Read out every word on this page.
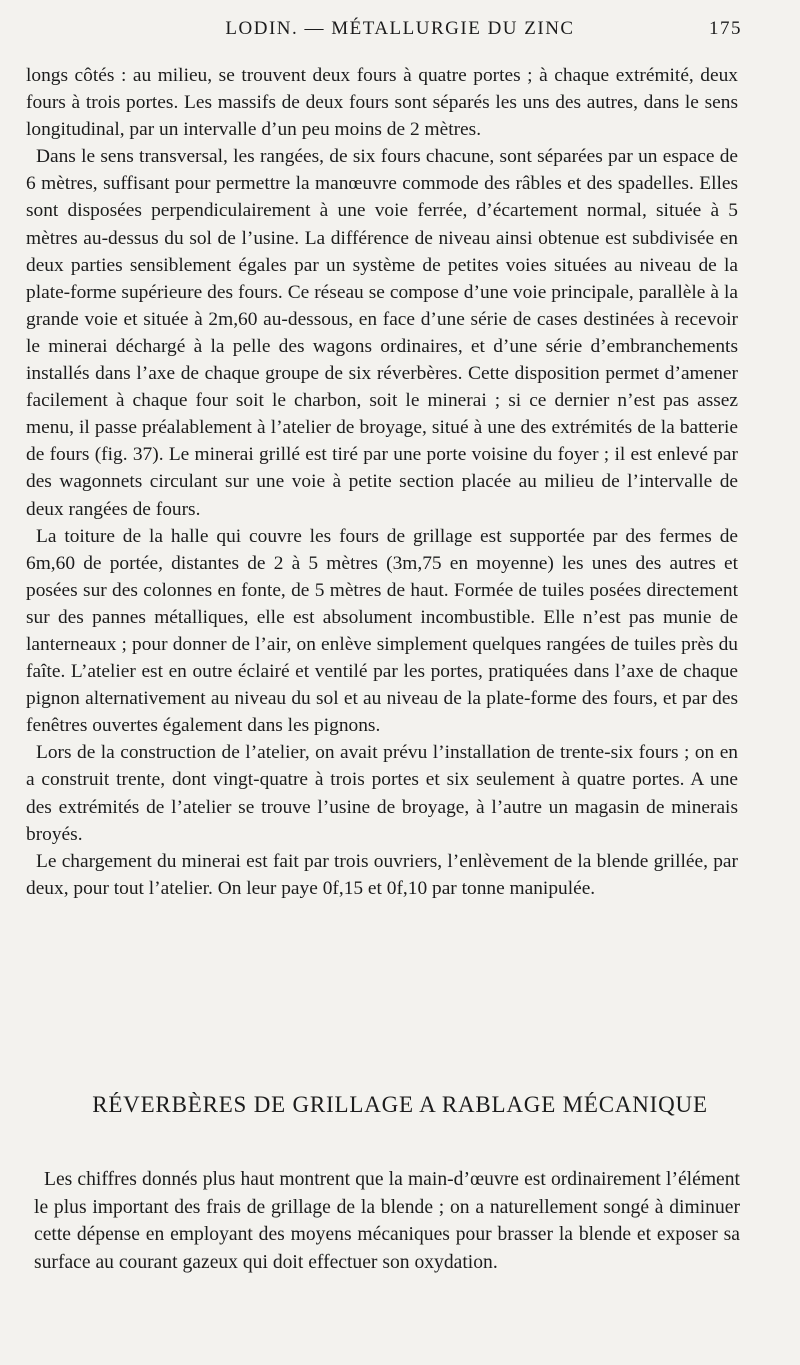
LODIN. — MÉTALLURGIE DU ZINC	175

longs côtés : au milieu, se trouvent deux fours à quatre portes ; à chaque extrémité, deux fours à trois portes. Les massifs de deux fours sont séparés les uns des autres, dans le sens longitudinal, par un intervalle d’un peu moins de 2 mètres.

Dans le sens transversal, les rangées, de six fours chacune, sont séparées par un espace de 6 mètres, suffisant pour permettre la manœuvre commode des râbles et des spadelles. Elles sont disposées perpendiculairement à une voie ferrée, d’écartement normal, située à 5 mètres au-dessus du sol de l’usine. La différence de niveau ainsi obtenue est subdivisée en deux parties sensiblement égales par un système de petites voies situées au niveau de la plate-forme supérieure des fours. Ce réseau se compose d’une voie principale, parallèle à la grande voie et située à 2m,60 au-dessous, en face d’une série de cases destinées à recevoir le minerai déchargé à la pelle des wagons ordinaires, et d’une série d’embranchements installés dans l’axe de chaque groupe de six réverbères. Cette disposition permet d’amener facilement à chaque four soit le charbon, soit le minerai ; si ce dernier n’est pas assez menu, il passe préalablement à l’atelier de broyage, situé à une des extrémités de la batterie de fours (fig. 37). Le minerai grillé est tiré par une porte voisine du foyer ; il est enlevé par des wagonnets circulant sur une voie à petite section placée au milieu de l’intervalle de deux rangées de fours.

La toiture de la halle qui couvre les fours de grillage est supportée par des fermes de 6m,60 de portée, distantes de 2 à 5 mètres (3m,75 en moyenne) les unes des autres et posées sur des colonnes en fonte, de 5 mètres de haut. Formée de tuiles posées directement sur des pannes métalliques, elle est absolument incombustible. Elle n’est pas munie de lanterneaux ; pour donner de l’air, on enlève simplement quelques rangées de tuiles près du faîte. L’atelier est en outre éclairé et ventilé par les portes, pratiquées dans l’axe de chaque pignon alternativement au niveau du sol et au niveau de la plate-forme des fours, et par des fenêtres ouvertes également dans les pignons.

Lors de la construction de l’atelier, on avait prévu l’installation de trente-six fours ; on en a construit trente, dont vingt-quatre à trois portes et six seulement à quatre portes. A une des extrémités de l’atelier se trouve l’usine de broyage, à l’autre un magasin de minerais broyés.

Le chargement du minerai est fait par trois ouvriers, l’enlèvement de la blende grillée, par deux, pour tout l’atelier. On leur paye 0f,15 et 0f,10 par tonne manipulée.

RÉVERBÈRES DE GRILLAGE A RABLAGE MÉCANIQUE

Les chiffres donnés plus haut montrent que la main-d’œuvre est ordinairement l’élément le plus important des frais de grillage de la blende ; on a naturellement songé à diminuer cette dépense en employant des moyens mécaniques pour brasser la blende et exposer sa surface au courant gazeux qui doit effectuer son oxydation.
